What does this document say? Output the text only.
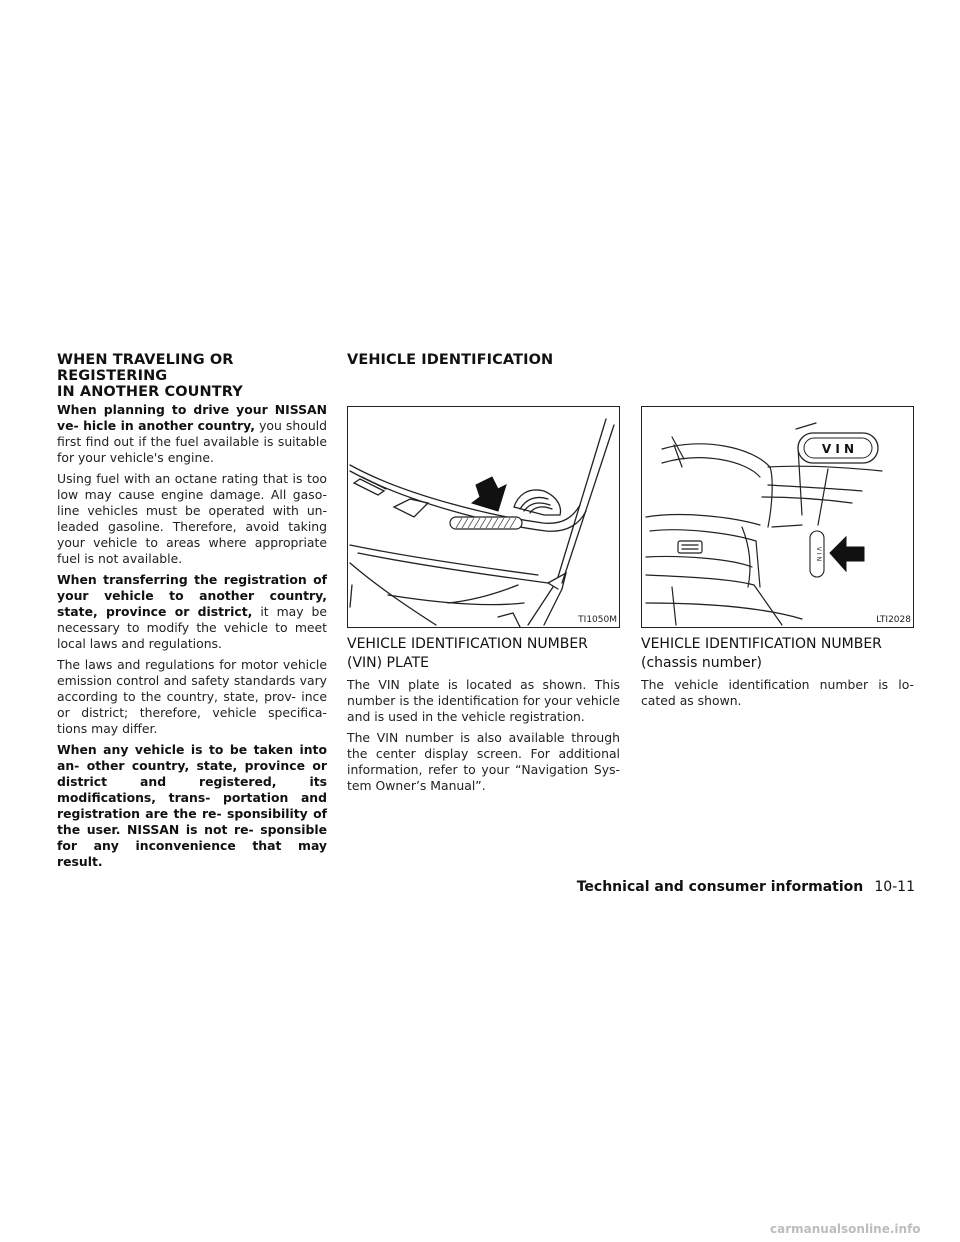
WHEN TRAVELING OR REGISTERING
IN ANOTHER COUNTRY

When planning to drive your NISSAN ve- hicle in another country, you should first find out if the fuel available is suitable for your vehicle's engine.

Using fuel with an octane rating that is too low may cause engine damage. All gaso- line vehicles must be operated with un- leaded gasoline. Therefore, avoid taking your vehicle to areas where appropriate fuel is not available.

When transferring the registration of your vehicle to another country, state, province or district, it may be necessary to modify the vehicle to meet local laws and regulations.

The laws and regulations for motor vehicle emission control and safety standards vary according to the country, state, prov- ince or district; therefore, vehicle specifica- tions may differ.

When any vehicle is to be taken into an- other country, state, province or district and registered, its modifications, trans- portation and registration are the re- sponsibility of the user. NISSAN is not re- sponsible for any inconvenience that may result.

VEHICLE IDENTIFICATION
TI1050M
V I N
V I N
LTI2028
VEHICLE IDENTIFICATION NUMBER
(VIN) PLATE

The VIN plate is located as shown. This number is the identification for your vehicle and is used in the vehicle registration.

The VIN number is also available through the center display screen. For additional information, refer to your “Navigation Sys- tem Owner’s Manual”.

VEHICLE IDENTIFICATION NUMBER
(chassis number)

The vehicle identification number is lo- cated as shown.

Technical and consumer information 10-11
carmanualsonline.info
